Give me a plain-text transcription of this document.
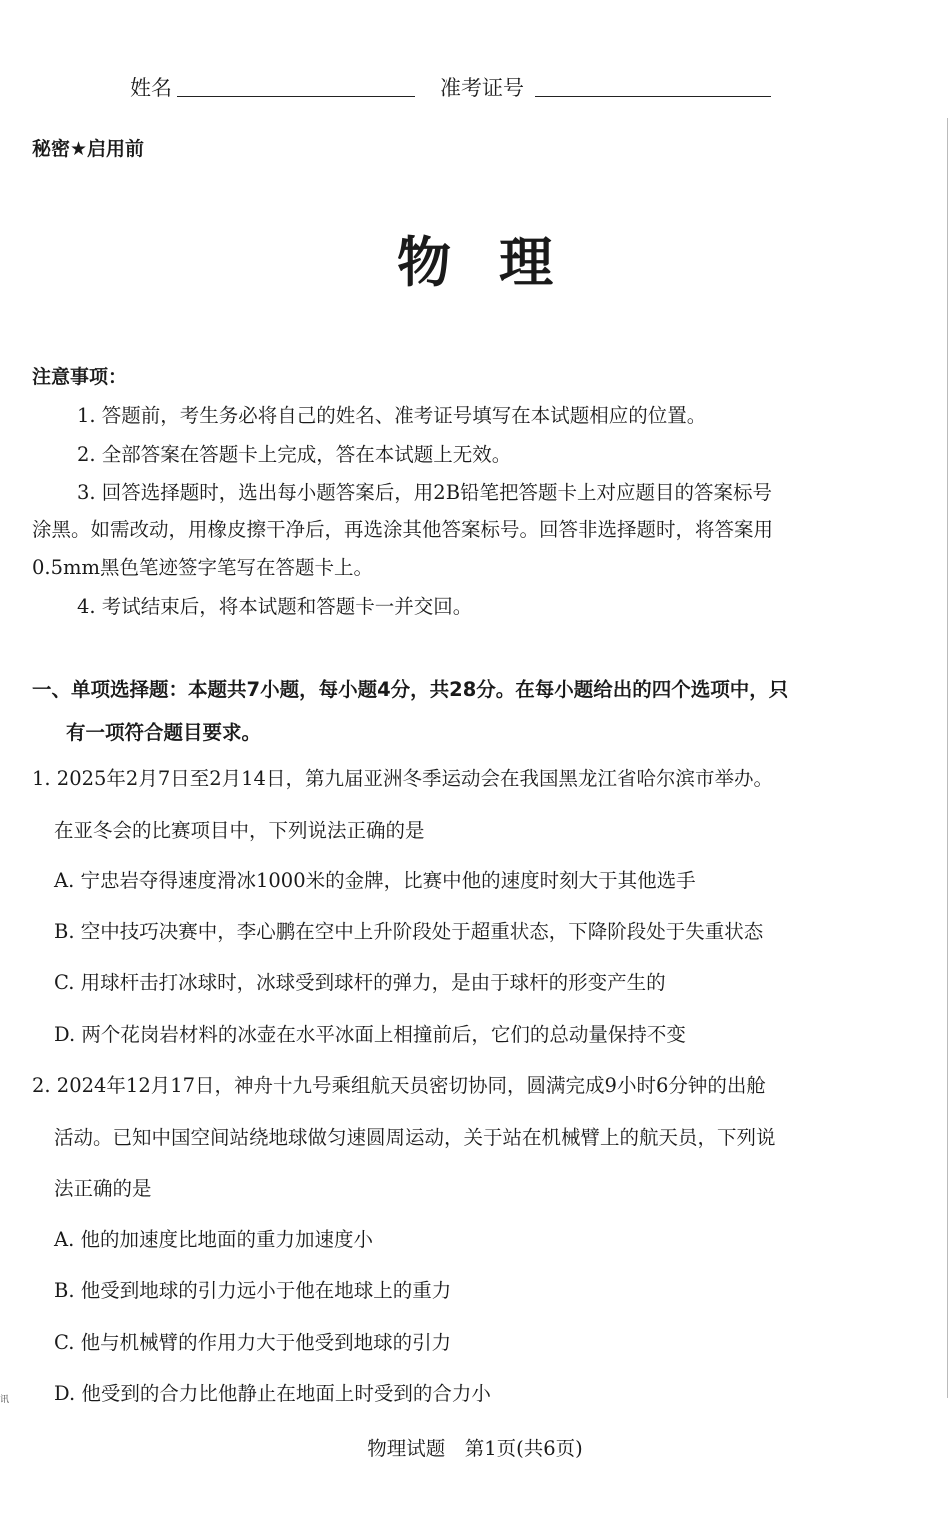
姓名	准考证号
秘密★启用前
物理
注意事项：
1. 答题前，考生务必将自己的姓名、准考证号填写在本试题相应的位置。
2. 全部答案在答题卡上完成，答在本试题上无效。
3. 回答选择题时，选出每小题答案后，用2B铅笔把答题卡上对应题目的答案标号
涂黑。如需改动，用橡皮擦干净后，再选涂其他答案标号。回答非选择题时，将答案用
0.5mm黑色笔迹签字笔写在答题卡上。
4. 考试结束后，将本试题和答题卡一并交回。
一、单项选择题：本题共7小题，每小题4分，共28分。在每小题给出的四个选项中，只
有一项符合题目要求。
1. 2025年2月7日至2月14日，第九届亚洲冬季运动会在我国黑龙江省哈尔滨市举办。
在亚冬会的比赛项目中，下列说法正确的是
A. 宁忠岩夺得速度滑冰1000米的金牌，比赛中他的速度时刻大于其他选手
B. 空中技巧决赛中，李心鹏在空中上升阶段处于超重状态，下降阶段处于失重状态
C. 用球杆击打冰球时，冰球受到球杆的弹力，是由于球杆的形变产生的
D. 两个花岗岩材料的冰壶在水平冰面上相撞前后，它们的总动量保持不变
2. 2024年12月17日，神舟十九号乘组航天员密切协同，圆满完成9小时6分钟的出舱
活动。已知中国空间站绕地球做匀速圆周运动，关于站在机械臂上的航天员，下列说
法正确的是
A. 他的加速度比地面的重力加速度小
B. 他受到地球的引力远小于他在地球上的重力
C. 他与机械臂的作用力大于他受到地球的引力
D. 他受到的合力比他静止在地面上时受到的合力小
讯
物理试题　第1页(共6页)
